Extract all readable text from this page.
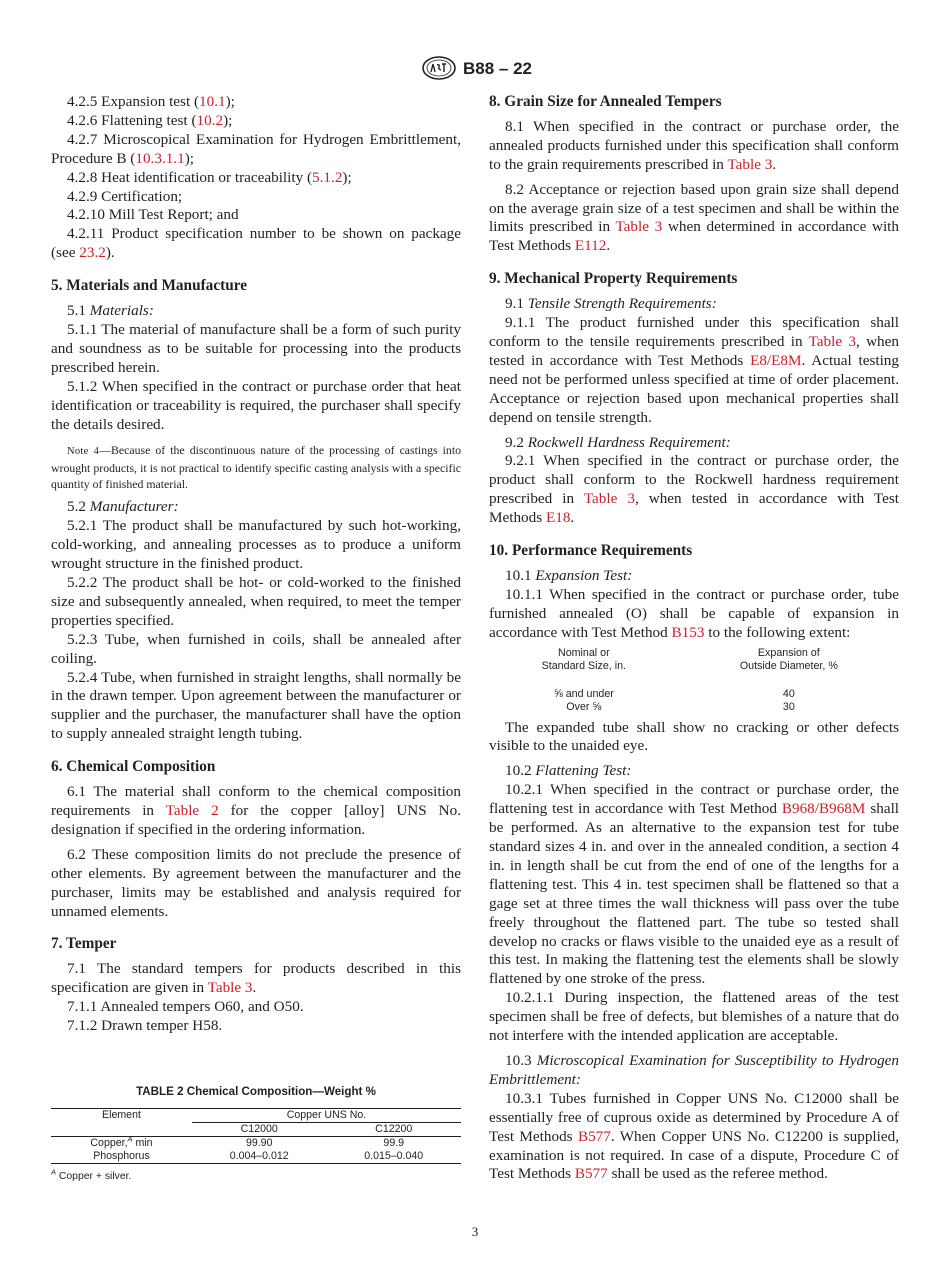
B88 – 22

4.2.5 Expansion test (10.1);

4.2.6 Flattening test (10.2);

4.2.7 Microscopical Examination for Hydrogen Embrittlement, Procedure B (10.3.1.1);

4.2.8 Heat identification or traceability (5.1.2);

4.2.9 Certification;

4.2.10 Mill Test Report; and

4.2.11 Product specification number to be shown on package (see 23.2).

5. Materials and Manufacture

5.1 Materials:

5.1.1 The material of manufacture shall be a form of such purity and soundness as to be suitable for processing into the products prescribed herein.

5.1.2 When specified in the contract or purchase order that heat identification or traceability is required, the purchaser shall specify the details desired.

Note 4—Because of the discontinuous nature of the processing of castings into wrought products, it is not practical to identify specific casting analysis with a specific quantity of finished material.

5.2 Manufacturer:

5.2.1 The product shall be manufactured by such hot-working, cold-working, and annealing processes as to produce a uniform wrought structure in the finished product.

5.2.2 The product shall be hot- or cold-worked to the finished size and subsequently annealed, when required, to meet the temper properties specified.

5.2.3 Tube, when furnished in coils, shall be annealed after coiling.

5.2.4 Tube, when furnished in straight lengths, shall normally be in the drawn temper. Upon agreement between the manufacturer or supplier and the purchaser, the manufacturer shall have the option to supply annealed straight length tubing.

6. Chemical Composition

6.1 The material shall conform to the chemical composition requirements in Table 2 for the copper [alloy] UNS No. designation if specified in the ordering information.

6.2 These composition limits do not preclude the presence of other elements. By agreement between the manufacturer and the purchaser, limits may be established and analysis required for unnamed elements.

7. Temper

7.1 The standard tempers for products described in this specification are given in Table 3.

7.1.1 Annealed tempers O60, and O50.

7.1.2 Drawn temper H58.

TABLE 2 Chemical Composition—Weight %
Element	Copper UNS No.	
	C12000	C12200
Copper,$^A$ min	99.90	99.9
Phosphorus	0.004–0.012	0.015–0.040
$^A$ Copper + silver.
8. Grain Size for Annealed Tempers

8.1 When specified in the contract or purchase order, the annealed products furnished under this specification shall conform to the grain requirements prescribed in Table 3.

8.2 Acceptance or rejection based upon grain size shall depend on the average grain size of a test specimen and shall be within the limits prescribed in Table 3 when determined in accordance with Test Methods E112.

9. Mechanical Property Requirements

9.1 Tensile Strength Requirements:

9.1.1 The product furnished under this specification shall conform to the tensile requirements prescribed in Table 3, when tested in accordance with Test Methods E8/E8M. Actual testing need not be performed unless specified at time of order placement. Acceptance or rejection based upon mechanical properties shall depend on tensile strength.

9.2 Rockwell Hardness Requirement:

9.2.1 When specified in the contract or purchase order, the product shall conform to the Rockwell hardness requirement prescribed in Table 3, when tested in accordance with Test Methods E18.

10. Performance Requirements

10.1 Expansion Test:

10.1.1 When specified in the contract or purchase order, tube furnished annealed (O) shall be capable of expansion in accordance with Test Method B153 to the following extent:

Nominal or
Standard Size, in.	Expansion of
Outside Diameter, %

⅝ and under	40
Over ⅝	30

The expanded tube shall show no cracking or other defects visible to the unaided eye.

10.2 Flattening Test:

10.2.1 When specified in the contract or purchase order, the flattening test in accordance with Test Method B968/B968M shall be performed. As an alternative to the expansion test for tube standard sizes 4 in. and over in the annealed condition, a section 4 in. in length shall be cut from the end of one of the lengths for a flattening test. This 4 in. test specimen shall be flattened so that a gage set at three times the wall thickness will pass over the tube freely throughout the flattened part. The tube so tested shall develop no cracks or flaws visible to the unaided eye as a result of this test. In making the flattening test the elements shall be slowly flattened by one stroke of the press.

10.2.1.1 During inspection, the flattened areas of the test specimen shall be free of defects, but blemishes of a nature that do not interfere with the intended application are acceptable.

10.3 Microscopical Examination for Susceptibility to Hydrogen Embrittlement:

10.3.1 Tubes furnished in Copper UNS No. C12000 shall be essentially free of cuprous oxide as determined by Procedure A of Test Methods B577. When Copper UNS No. C12200 is supplied, examination is not required. In case of a dispute, Procedure C of Test Methods B577 shall be used as the referee method.

3
